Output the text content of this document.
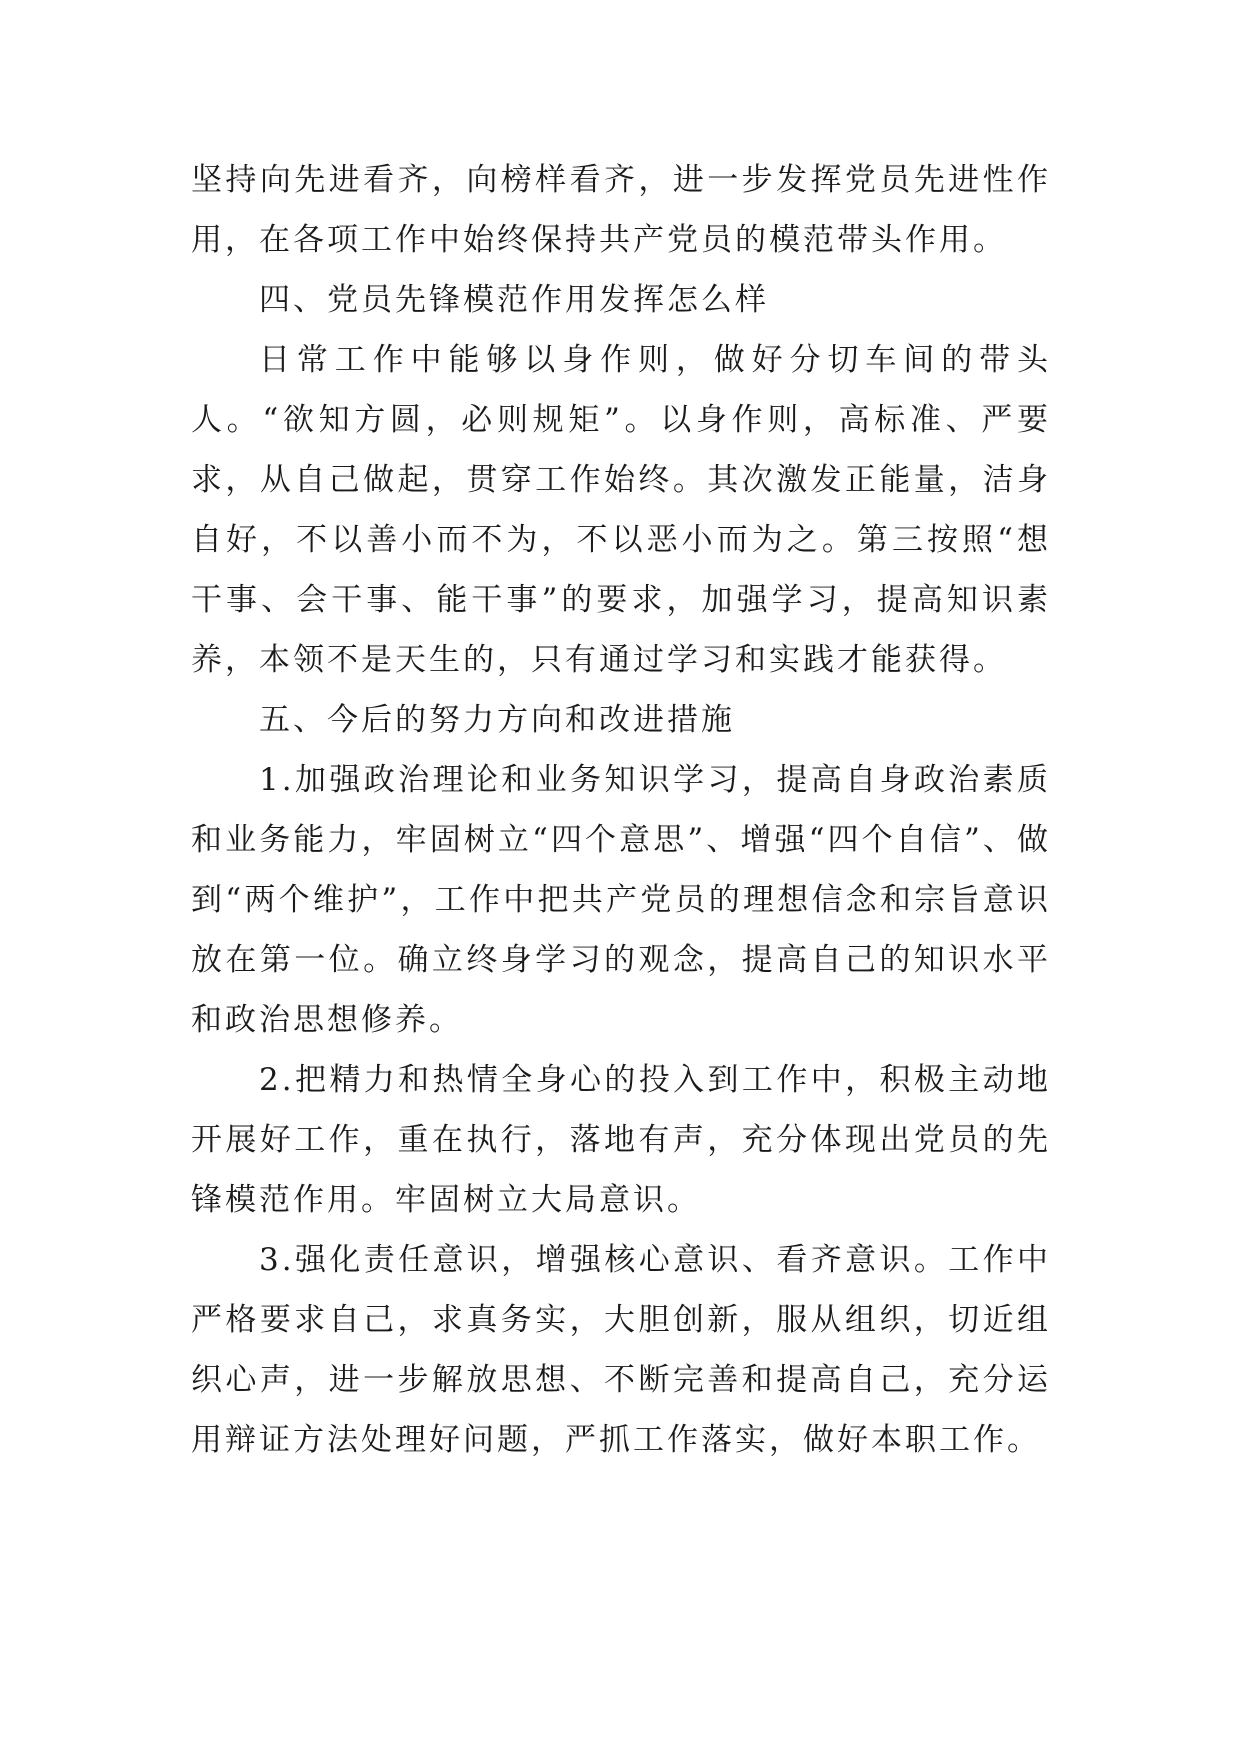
坚持向先进看齐，向榜样看齐，进一步发挥党员先进性作用，在各项工作中始终保持共产党员的模范带头作用。

四、党员先锋模范作用发挥怎么样

日常工作中能够以身作则，做好分切车间的带头人。“欲知方圆，必则规矩”。以身作则，高标准、严要求，从自己做起，贯穿工作始终。其次激发正能量，洁身自好，不以善小而不为，不以恶小而为之。第三按照“想干事、会干事、能干事”的要求，加强学习，提高知识素养，本领不是天生的，只有通过学习和实践才能获得。

五、今后的努力方向和改进措施

1.加强政治理论和业务知识学习，提高自身政治素质和业务能力，牢固树立“四个意思”、增强“四个自信”、做到“两个维护”，工作中把共产党员的理想信念和宗旨意识放在第一位。确立终身学习的观念，提高自己的知识水平和政治思想修养。

2.把精力和热情全身心的投入到工作中，积极主动地开展好工作，重在执行，落地有声，充分体现出党员的先锋模范作用。牢固树立大局意识。

3.强化责任意识，增强核心意识、看齐意识。工作中严格要求自己，求真务实，大胆创新，服从组织，切近组织心声，进一步解放思想、不断完善和提高自己，充分运用辩证方法处理好问题，严抓工作落实，做好本职工作。
